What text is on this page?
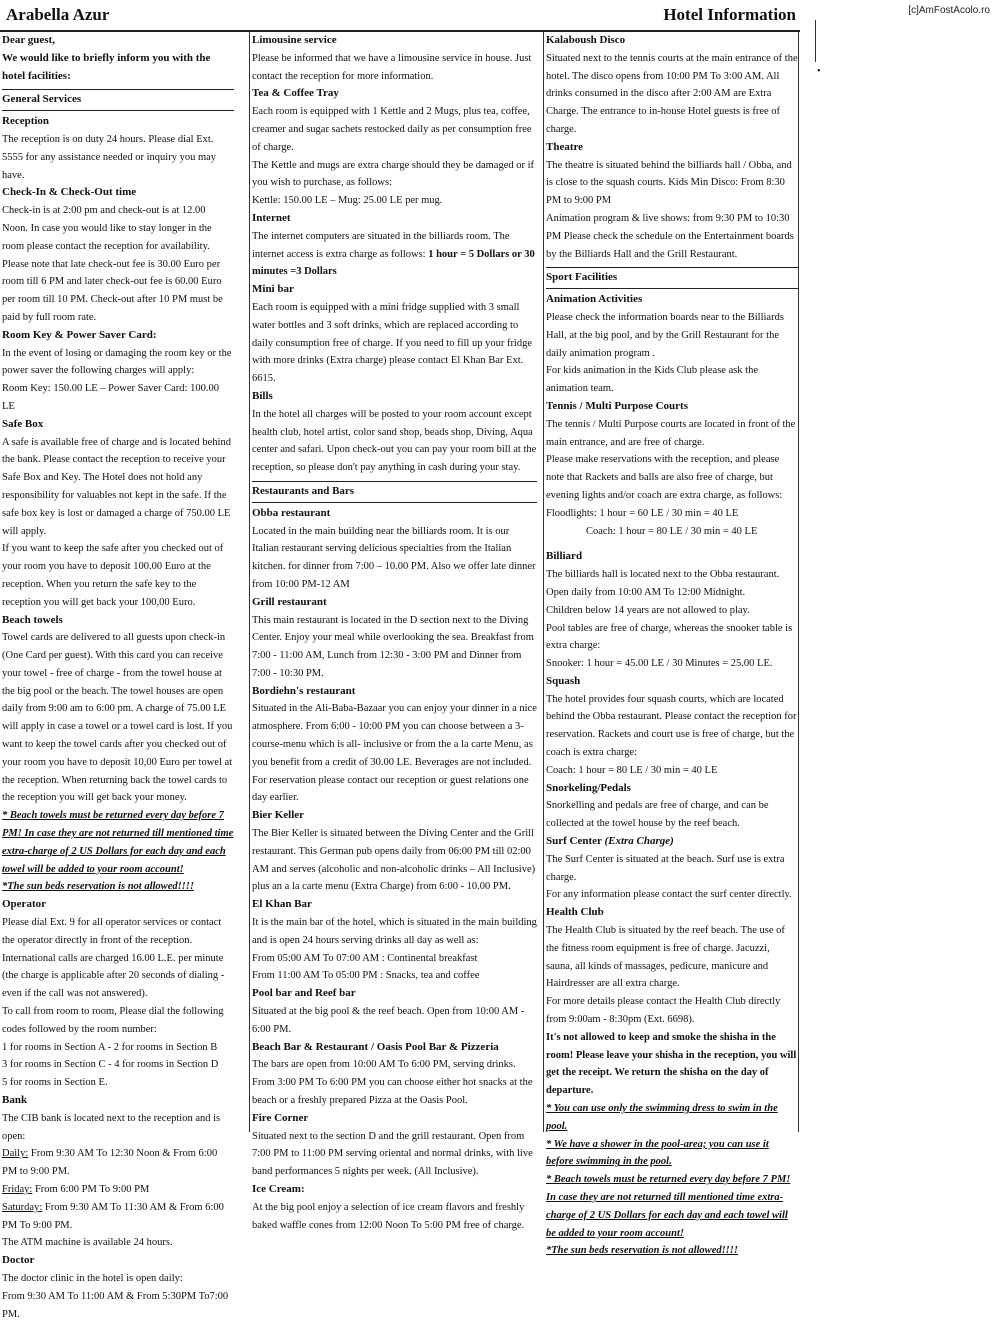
[c]AmFostAcolo.ro
Arabella Azur	Hotel Information
•

Dear guest,

We would like to briefly inform you with the hotel facilities:

General Services

Reception

The reception is on duty 24 hours. Please dial Ext. 5555 for any assistance needed or inquiry you may have.

Check-In & Check-Out time

Check-in is at 2:00 pm and check-out is at 12.00 Noon. In case you would like to stay longer in the room please contact the reception for availability. Please note that late check-out fee is 30.00 Euro per room till 6 PM and later check-out fee is 60.00 Euro per room till 10 PM. Check-out after 10 PM must be paid by full room rate.

Room Key & Power Saver Card:

In the event of losing or damaging the room key or the power saver the following charges will apply:

Room Key: 150.00 LE – Power Saver Card: 100.00 LE

Safe Box

A safe is available free of charge and is located behind the bank. Please contact the reception to receive your Safe Box and Key. The Hotel does not hold any responsibility for valuables not kept in the safe. If the safe box key is lost or damaged a charge of 750.00 LE will apply.

If you want to keep the safe after you checked out of your room you have to deposit 100.00 Euro at the reception. When you return the safe key to the reception you will get back your 100,00 Euro.

Beach towels

Towel cards are delivered to all guests upon check-in (One Card per guest). With this card you can receive your towel - free of charge - from the towel house at the big pool or the beach. The towel houses are open daily from 9:00 am to 6:00 pm. A charge of 75.00 LE will apply in case a towel or a towel card is lost. If you want to keep the towel cards after you checked out of your room you have to deposit 10,00 Euro per towel at the reception. When returning back the towel cards to the reception you will get back your money.

* Beach towels must be returned every day before 7 PM! In case they are not returned till mentioned time extra-charge of 2 US Dollars for each day and each towel will be added to your room account!

*The sun beds reservation is not allowed!!!!

Operator

Please dial Ext. 9 for all operator services or contact the operator directly in front of the reception.

International calls are charged 16.00 L.E. per minute (the charge is applicable after 20 seconds of dialing - even if the call was not answered).

To call from room to room, Please dial the following codes followed by the room number:

1 for rooms in Section A - 2 for rooms in Section B

3 for rooms in Section C - 4 for rooms in Section D

5 for rooms in Section E.

Bank

The CIB bank is located next to the reception and is open:

Daily: From 9:30 AM To 12:30 Noon & From 6:00 PM to 9:00 PM.

Friday: From 6:00 PM To 9:00 PM

Saturday: From 9:30 AM To 11:30 AM & From 6:00 PM To 9:00 PM.

The ATM machine is available 24 hours.

Doctor

The doctor clinic in the hotel is open daily:

From 9:30 AM To 11:00 AM & From 5:30PM To7:00 PM.

Limousine service

Please be informed that we have a limousine service in house. Just contact the reception for more information.

Tea & Coffee Tray

Each room is equipped with 1 Kettle and 2 Mugs, plus tea, coffee, creamer and sugar sachets restocked daily as per consumption free of charge.

The Kettle and mugs are extra charge should they be damaged or if you wish to purchase, as follows:

Kettle: 150.00 LE – Mug: 25.00 LE per mug.

Internet

The internet computers are situated in the billiards room. The internet access is extra charge as follows: 1 hour = 5 Dollars or 30 minutes =3 Dollars

Mini bar

Each room is equipped with a mini fridge supplied with 3 small water bottles and 3 soft drinks, which are replaced according to daily consumption free of charge. If you need to fill up your fridge with more drinks (Extra charge) please contact El Khan Bar Ext. 6615.

Bills

In the hotel all charges will be posted to your room account except health club, hotel artist, color sand shop, beads shop, Diving, Aqua center and safari. Upon check-out you can pay your room bill at the reception, so please don't pay anything in cash during your stay.

Restaurants and Bars

Obba restaurant

Located in the main building near the billiards room. It is our Italian restaurant serving delicious specialties from the Italian kitchen. for dinner from 7:00 – 10.00 PM. Also we offer late dinner from 10:00 PM-12 AM

Grill restaurant

This main restaurant is located in the D section next to the Diving Center. Enjoy your meal while overlooking the sea. Breakfast from 7:00 - 11:00 AM, Lunch from 12:30 - 3:00 PM and Dinner from 7:00 - 10:30 PM.

Bordiehn's restaurant

Situated in the Ali-Baba-Bazaar you can enjoy your dinner in a nice atmosphere. From 6:00 - 10:00 PM you can choose between a 3-course-menu which is all- inclusive or from the a la carte Menu, as you benefit from a credit of 30.00 LE. Beverages are not included. For reservation please contact our reception or guest relations one day earlier.

Bier Keller

The Bier Keller is situated between the Diving Center and the Grill restaurant. This German pub opens daily from 06:00 PM till 02:00 AM and serves (alcoholic and non-alcoholic drinks – All Inclusive) plus an a la carte menu (Extra Charge) from 6:00 - 10.00 PM.

El Khan Bar

It is the main bar of the hotel, which is situated in the main building and is open 24 hours serving drinks all day as well as:

From 05:00 AM To 07:00 AM : Continental breakfast

From 11:00 AM To 05:00 PM : Snacks, tea and coffee

Pool bar and Reef bar

Situated at the big pool & the reef beach. Open from 10:00 AM - 6:00 PM.

Beach Bar & Restaurant / Oasis Pool Bar & Pizzeria

The bars are open from 10:00 AM To 6:00 PM, serving drinks. From 3:00 PM To 6:00 PM you can choose either hot snacks at the beach or a freshly prepared Pizza at the Oasis Pool.

Fire Corner

Situated next to the section D and the grill restaurant. Open from 7:00 PM to 11:00 PM serving oriental and normal drinks, with live band performances 5 nights per week. (All Inclusive).

Ice Cream:

At the big pool enjoy a selection of ice cream flavors and freshly baked waffle cones from 12:00 Noon To 5:00 PM free of charge.

Kalaboush Disco

Situated next to the tennis courts at the main entrance of the hotel. The disco opens from 10:00 PM To 3:00 AM. All drinks consumed in the disco after 2:00 AM are Extra Charge. The entrance to in-house Hotel guests is free of charge.

Theatre

The theatre is situated behind the billiards hall / Obba, and is close to the squash courts. Kids Min Disco: From 8:30 PM to 9:00 PM

Animation program & live shows: from 9:30 PM to 10:30 PM Please check the schedule on the Entertainment boards by the Billiards Hall and the Grill Restaurant.

Sport Facilities

Animation Activities

Please check the information boards near to the Billiards Hall, at the big pool, and by the Grill Restaurant for the daily animation program .

For kids animation in the Kids Club please ask the animation team.

Tennis / Multi Purpose Courts

The tennis / Multi Purpose courts are located in front of the main entrance, and are free of charge.

Please make reservations with the reception, and please note that Rackets and balls are also free of charge, but evening lights and/or coach are extra charge, as follows: Floodlights: 1 hour = 60 LE / 30 min = 40 LE

Coach: 1 hour = 80 LE / 30 min = 40 LE

Billiard

The billiards hall is located next to the Obba restaurant.

Open daily from 10:00 AM To 12:00 Midnight.

Children below 14 years are not allowed to play.

Pool tables are free of charge, whereas the snooker table is extra charge:

Snooker: 1 hour = 45.00 LE / 30 Minutes = 25.00 LE.

Squash

The hotel provides four squash courts, which are located behind the Obba restaurant. Please contact the reception for reservation. Rackets and court use is free of charge, but the coach is extra charge:

Coach: 1 hour = 80 LE / 30 min = 40 LE

Snorkeling/Pedals

Snorkelling and pedals are free of charge, and can be collected at the towel house by the reef beach.

Surf Center (Extra Charge)

The Surf Center is situated at the beach. Surf use is extra charge.

For any information please contact the surf center directly.

Health Club

The Health Club is situated by the reef beach. The use of the fitness room equipment is free of charge. Jacuzzi, sauna, all kinds of massages, pedicure, manicure and Hairdresser are all extra charge.

For more details please contact the Health Club directly from 9:00am - 8:30pm (Ext. 6698).

It's not allowed to keep and smoke the shisha in the room! Please leave your shisha in the reception, you will get the receipt. We return the shisha on the day of departure.

* You can use only the swimming dress to swim in the pool.

* We have a shower in the pool-area; you can use it before swimming in the pool.

* Beach towels must be returned every day before 7 PM! In case they are not returned till mentioned time extra-charge of 2 US Dollars for each day and each towel will be added to your room account!

*The sun beds reservation is not allowed!!!!
